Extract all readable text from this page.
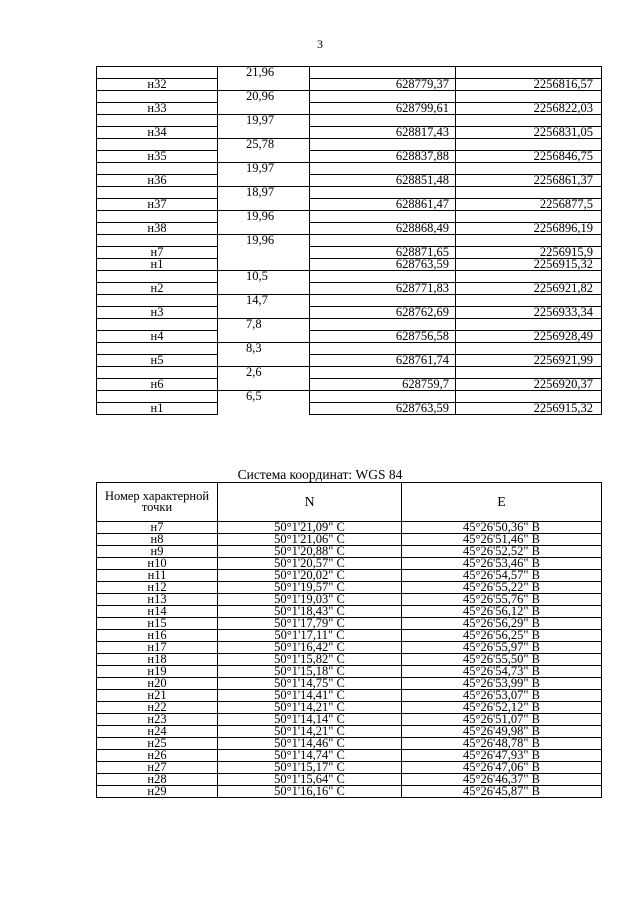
3
	21,96		
н32		628779,37	2256816,57
	20,96		
н33		628799,61	2256822,03
	19,97		
н34		628817,43	2256831,05
	25,78		
н35		628837,88	2256846,75
	19,97		
н36		628851,48	2256861,37
	18,97		
н37		628861,47	2256877,5
	19,96		
н38		628868,49	2256896,19
	19,96		
н7		628871,65	2256915,9
н1		628763,59	2256915,32
	10,5		
н2		628771,83	2256921,82
	14,7		
н3		628762,69	2256933,34
	7,8		
н4		628756,58	2256928,49
	8,3		
н5		628761,74	2256921,99
	2,6		
н6		628759,7	2256920,37
	6,5		
н1		628763,59	2256915,32
Система координат: WGS 84
Номер характерной точки	N	E
н7	50°1'21,09" С	45°26'50,36" В
н8	50°1'21,06" С	45°26'51,46" В
н9	50°1'20,88" С	45°26'52,52" В
н10	50°1'20,57" С	45°26'53,46" В
н11	50°1'20,02" С	45°26'54,57" В
н12	50°1'19,57" С	45°26'55,22" В
н13	50°1'19,03" С	45°26'55,76" В
н14	50°1'18,43" С	45°26'56,12" В
н15	50°1'17,79" С	45°26'56,29" В
н16	50°1'17,11" С	45°26'56,25" В
н17	50°1'16,42" С	45°26'55,97" В
н18	50°1'15,82" С	45°26'55,50" В
н19	50°1'15,18" С	45°26'54,73" В
н20	50°1'14,75" С	45°26'53,99" В
н21	50°1'14,41" С	45°26'53,07" В
н22	50°1'14,21" С	45°26'52,12" В
н23	50°1'14,14" С	45°26'51,07" В
н24	50°1'14,21" С	45°26'49,98" В
н25	50°1'14,46" С	45°26'48,78" В
н26	50°1'14,74" С	45°26'47,93" В
н27	50°1'15,17" С	45°26'47,06" В
н28	50°1'15,64" С	45°26'46,37" В
н29	50°1'16,16" С	45°26'45,87" В
